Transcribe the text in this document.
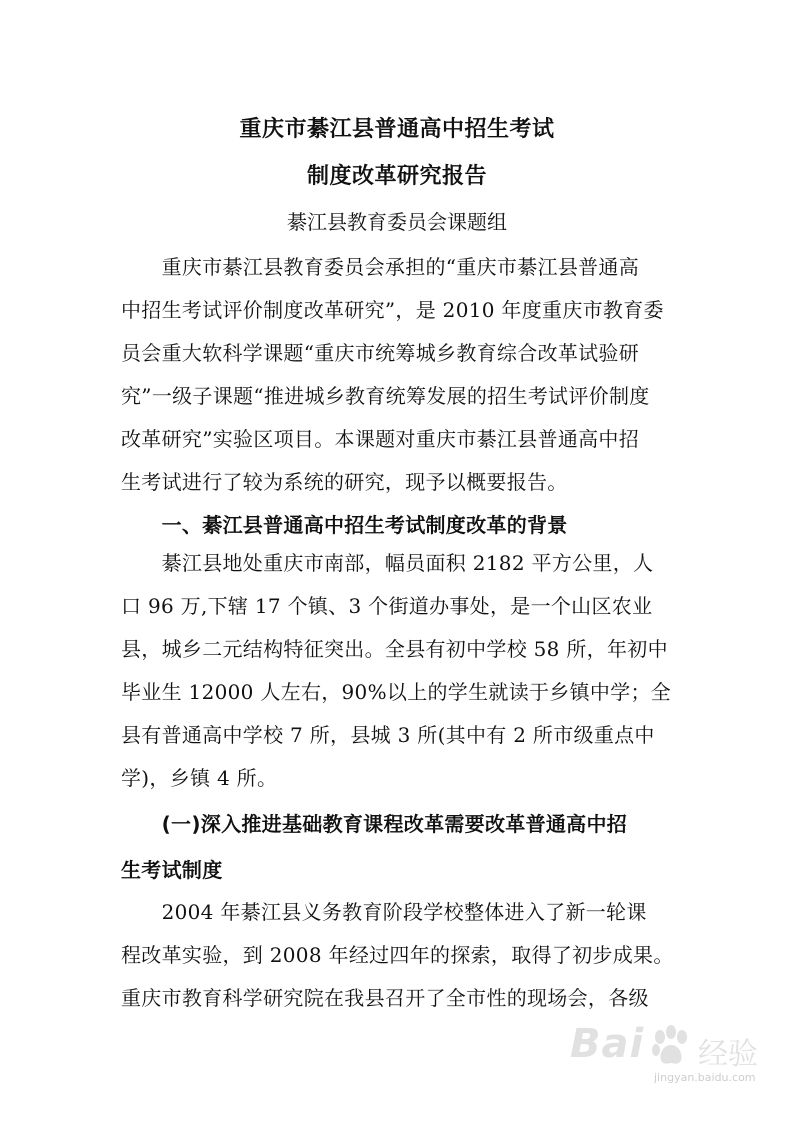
重庆市綦江县普通高中招生考试
制度改革研究报告
綦江县教育委员会课题组
　　重庆市綦江县教育委员会承担的“重庆市綦江县普通高
中招生考试评价制度改革研究”，是 2010 年度重庆市教育委
员会重大软科学课题“重庆市统筹城乡教育综合改革试验研
究”一级子课题“推进城乡教育统筹发展的招生考试评价制度
改革研究”实验区项目。本课题对重庆市綦江县普通高中招
生考试进行了较为系统的研究，现予以概要报告。
　　一、綦江县普通高中招生考试制度改革的背景
　　綦江县地处重庆市南部，幅员面积 2182 平方公里，人
口 96 万,下辖 17 个镇、3 个街道办事处，是一个山区农业
县，城乡二元结构特征突出。全县有初中学校 58 所，年初中
毕业生 12000 人左右，90%以上的学生就读于乡镇中学；全
县有普通高中学校 7 所，县城 3 所(其中有 2 所市级重点中
学)，乡镇 4 所。
　　(一)深入推进基础教育课程改革需要改革普通高中招
生考试制度
　　2004 年綦江县义务教育阶段学校整体进入了新一轮课
程改革实验，到 2008 年经过四年的探索，取得了初步成果。
重庆市教育科学研究院在我县召开了全市性的现场会，各级
Bai 经验
jingyan.baidu.com
